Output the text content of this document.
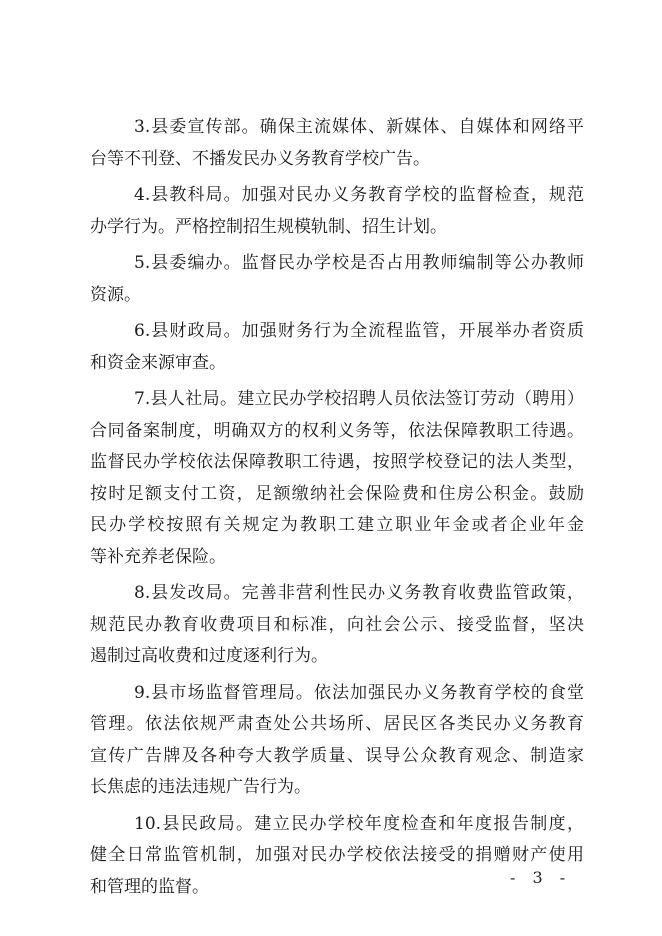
3.县委宣传部。确保主流媒体、新媒体、自媒体和网络平
台等不刊登、不播发民办义务教育学校广告。
4.县教科局。加强对民办义务教育学校的监督检查，规范
办学行为。严格控制招生规模轨制、招生计划。
5.县委编办。监督民办学校是否占用教师编制等公办教师
资源。
6.县财政局。加强财务行为全流程监管，开展举办者资质
和资金来源审查。
7.县人社局。建立民办学校招聘人员依法签订劳动（聘用）
合同备案制度，明确双方的权利义务等，依法保障教职工待遇。
监督民办学校依法保障教职工待遇，按照学校登记的法人类型，
按时足额支付工资，足额缴纳社会保险费和住房公积金。鼓励
民办学校按照有关规定为教职工建立职业年金或者企业年金
等补充养老保险。
8.县发改局。完善非营利性民办义务教育收费监管政策，
规范民办教育收费项目和标准，向社会公示、接受监督，坚决
遏制过高收费和过度逐利行为。
9.县市场监督管理局。依法加强民办义务教育学校的食堂
管理。依法依规严肃查处公共场所、居民区各类民办义务教育
宣传广告牌及各种夸大教学质量、误导公众教育观念、制造家
长焦虑的违法违规广告行为。
10.县民政局。建立民办学校年度检查和年度报告制度，
健全日常监管机制，加强对民办学校依法接受的捐赠财产使用
和管理的监督。	- 3 -
